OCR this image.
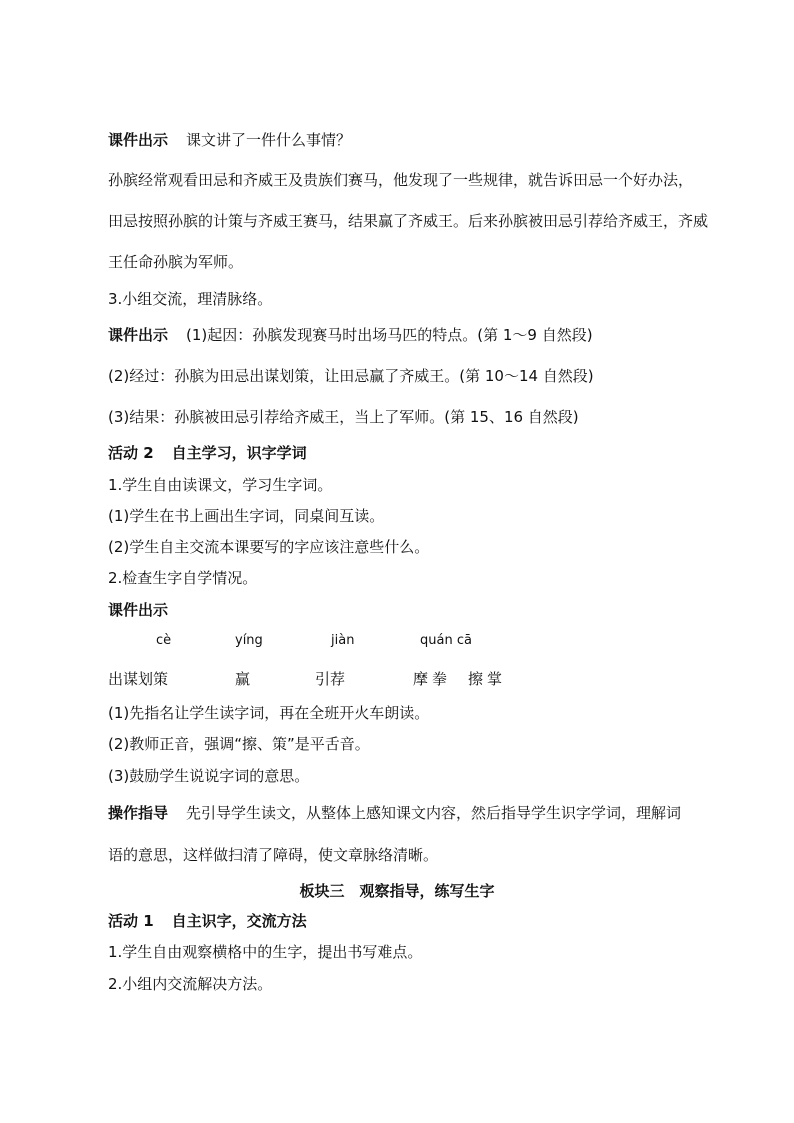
课件出示 课文讲了一件什么事情？
孙膑经常观看田忌和齐威王及贵族们赛马，他发现了一些规律，就告诉田忌一个好办法，
田忌按照孙膑的计策与齐威王赛马，结果赢了齐威王。后来孙膑被田忌引荐给齐威王，齐威
王任命孙膑为军师。
3.小组交流，理清脉络。
课件出示 (1)起因：孙膑发现赛马时出场马匹的特点。(第 1～9 自然段)
(2)经过：孙膑为田忌出谋划策，让田忌赢了齐威王。(第 10～14 自然段)
(3)结果：孙膑被田忌引荐给齐威王，当上了军师。(第 15、16 自然段)
活动 2 自主学习，识字学词
1.学生自由读课文，学习生字词。
(1)学生在书上画出生字词，同桌间互读。
(2)学生自主交流本课要写的字应该注意些什么。
2.检查生字自学情况。
课件出示
cè	yíng	jiàn	quán cā
出谋划策	赢	引荐	摩拳 擦掌
(1)先指名让学生读字词，再在全班开火车朗读。
(2)教师正音，强调“擦、策”是平舌音。
(3)鼓励学生说说字词的意思。
操作指导 先引导学生读文，从整体上感知课文内容，然后指导学生识字学词，理解词
语的意思，这样做扫清了障碍，使文章脉络清晰。
板块三　观察指导，练写生字
活动 1 自主识字，交流方法
1.学生自由观察横格中的生字，提出书写难点。
2.小组内交流解决方法。
